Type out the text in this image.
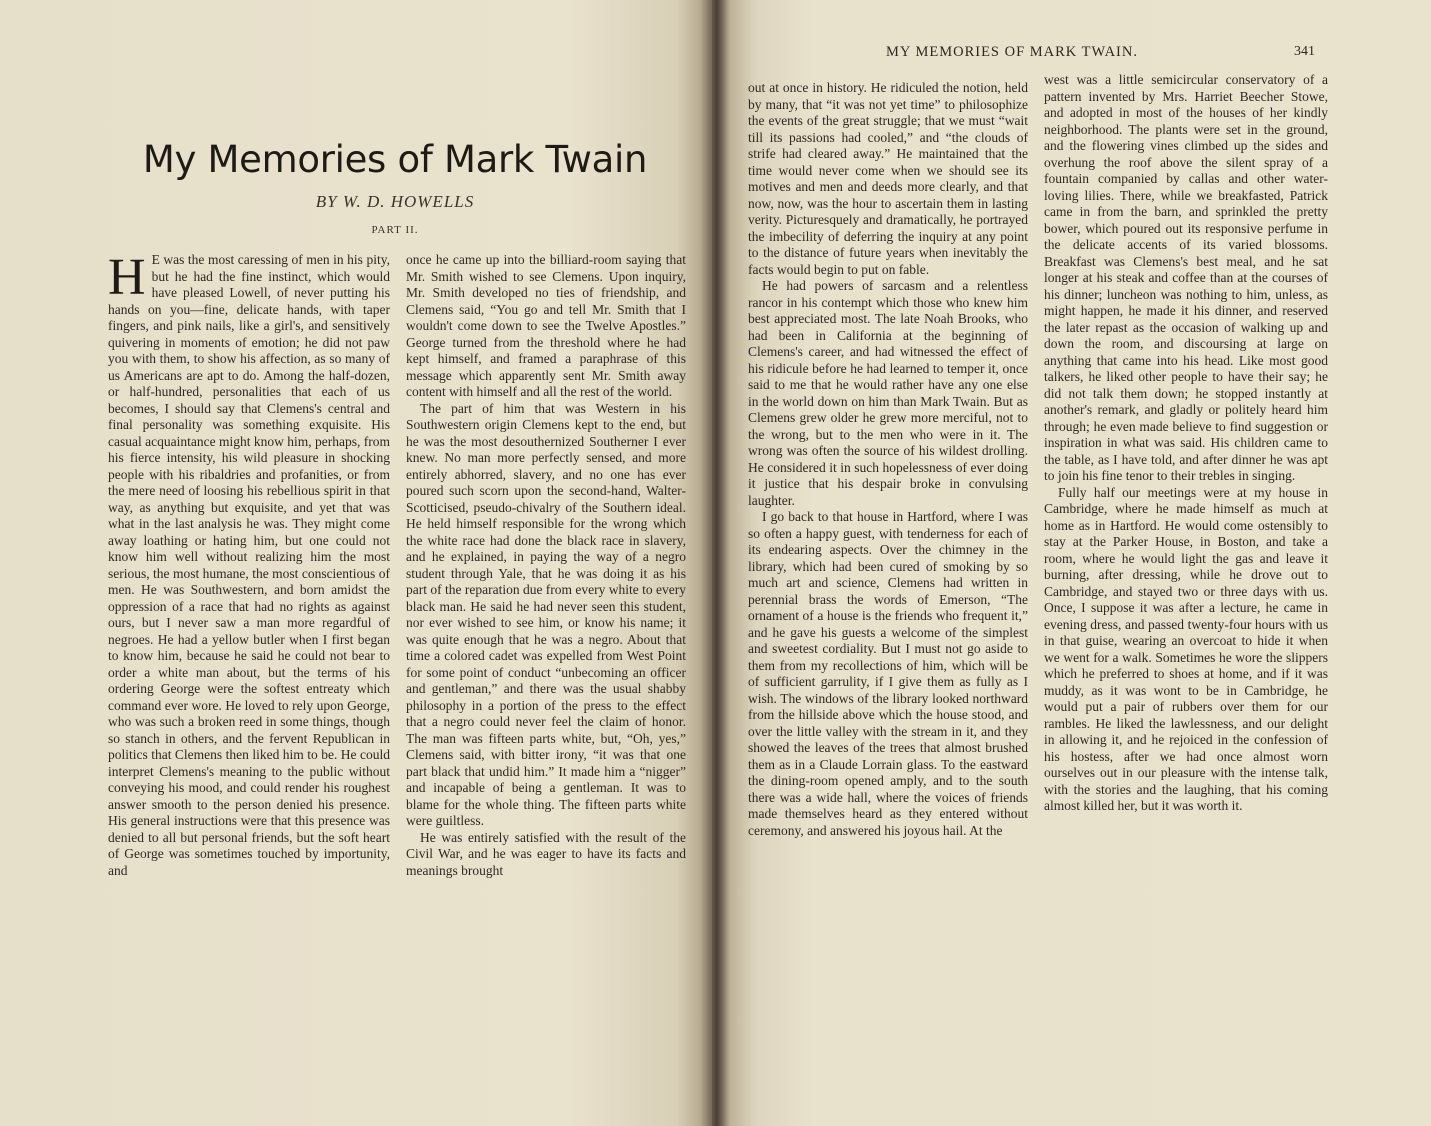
My Memories of Mark Twain
BY W. D. HOWELLS
PART II.

H E was the most caressing of men in his pity, but he had the fine instinct, which would have pleased Lowell, of never putting his hands on you—fine, delicate hands, with taper fingers, and pink nails, like a girl's, and sensitively quivering in moments of emotion; he did not paw you with them, to show his affection, as so many of us Americans are apt to do. Among the half-dozen, or half-hundred, personalities that each of us becomes, I should say that Clemens's central and final personality was something exquisite. His casual acquaintance might know him, perhaps, from his fierce intensity, his wild pleasure in shocking people with his ribaldries and profanities, or from the mere need of loosing his rebellious spirit in that way, as anything but exquisite, and yet that was what in the last analysis he was. They might come away loathing or hating him, but one could not know him well without realizing him the most serious, the most humane, the most conscientious of men. He was Southwestern, and born amidst the oppression of a race that had no rights as against ours, but I never saw a man more regardful of negroes. He had a yellow butler when I first began to know him, because he said he could not bear to order a white man about, but the terms of his ordering George were the softest entreaty which command ever wore. He loved to rely upon George, who was such a broken reed in some things, though so stanch in others, and the fervent Republican in politics that Clemens then liked him to be. He could interpret Clemens's meaning to the public without conveying his mood, and could render his roughest answer smooth to the person denied his presence. His general instructions were that this presence was denied to all but personal friends, but the soft heart of George was sometimes touched by importunity, and

once he came up into the billiard-room saying that Mr. Smith wished to see Clemens. Upon inquiry, Mr. Smith developed no ties of friendship, and Clemens said, “You go and tell Mr. Smith that I wouldn't come down to see the Twelve Apostles.” George turned from the threshold where he had kept himself, and framed a paraphrase of this message which apparently sent Mr. Smith away content with himself and all the rest of the world.

The part of him that was Western in his Southwestern origin Clemens kept to the end, but he was the most desouthernized Southerner I ever knew. No man more perfectly sensed, and more entirely abhorred, slavery, and no one has ever poured such scorn upon the second-hand, Walter-Scotticised, pseudo-chivalry of the Southern ideal. He held himself responsible for the wrong which the white race had done the black race in slavery, and he explained, in paying the way of a negro student through Yale, that he was doing it as his part of the reparation due from every white to every black man. He said he had never seen this student, nor ever wished to see him, or know his name; it was quite enough that he was a negro. About that time a colored cadet was expelled from West Point for some point of conduct “unbecoming an officer and gentleman,” and there was the usual shabby philosophy in a portion of the press to the effect that a negro could never feel the claim of honor. The man was fifteen parts white, but, “Oh, yes,” Clemens said, with bitter irony, “it was that one part black that undid him.” It made him a “nigger” and incapable of being a gentleman. It was to blame for the whole thing. The fifteen parts white were guiltless.

He was entirely satisfied with the result of the Civil War, and he was eager to have its facts and meanings brought

MY MEMORIES OF MARK TWAIN.	341

out at once in history. He ridiculed the notion, held by many, that “it was not yet time” to philosophize the events of the great struggle; that we must “wait till its passions had cooled,” and “the clouds of strife had cleared away.” He maintained that the time would never come when we should see its motives and men and deeds more clearly, and that now, now, was the hour to ascertain them in lasting verity. Picturesquely and dramatically, he portrayed the imbecility of deferring the inquiry at any point to the distance of future years when inevitably the facts would begin to put on fable.

He had powers of sarcasm and a relentless rancor in his contempt which those who knew him best appreciated most. The late Noah Brooks, who had been in California at the beginning of Clemens's career, and had witnessed the effect of his ridicule before he had learned to temper it, once said to me that he would rather have any one else in the world down on him than Mark Twain. But as Clemens grew older he grew more merciful, not to the wrong, but to the men who were in it. The wrong was often the source of his wildest drolling. He considered it in such hopelessness of ever doing it justice that his despair broke in convulsing laughter.

I go back to that house in Hartford, where I was so often a happy guest, with tenderness for each of its endearing aspects. Over the chimney in the library, which had been cured of smoking by so much art and science, Clemens had written in perennial brass the words of Emerson, “The ornament of a house is the friends who frequent it,” and he gave his guests a welcome of the simplest and sweetest cordiality. But I must not go aside to them from my recollections of him, which will be of sufficient garrulity, if I give them as fully as I wish. The windows of the library looked northward from the hillside above which the house stood, and over the little valley with the stream in it, and they showed the leaves of the trees that almost brushed them as in a Claude Lorrain glass. To the eastward the dining-room opened amply, and to the south there was a wide hall, where the voices of friends made themselves heard as they entered without ceremony, and answered his joyous hail. At the

west was a little semicircular conservatory of a pattern invented by Mrs. Harriet Beecher Stowe, and adopted in most of the houses of her kindly neighborhood. The plants were set in the ground, and the flowering vines climbed up the sides and overhung the roof above the silent spray of a fountain companied by callas and other water-loving lilies. There, while we breakfasted, Patrick came in from the barn, and sprinkled the pretty bower, which poured out its responsive perfume in the delicate accents of its varied blossoms. Breakfast was Clemens's best meal, and he sat longer at his steak and coffee than at the courses of his dinner; luncheon was nothing to him, unless, as might happen, he made it his dinner, and reserved the later repast as the occasion of walking up and down the room, and discoursing at large on anything that came into his head. Like most good talkers, he liked other people to have their say; he did not talk them down; he stopped instantly at another's remark, and gladly or politely heard him through; he even made believe to find suggestion or inspiration in what was said. His children came to the table, as I have told, and after dinner he was apt to join his fine tenor to their trebles in singing.

Fully half our meetings were at my house in Cambridge, where he made himself as much at home as in Hartford. He would come ostensibly to stay at the Parker House, in Boston, and take a room, where he would light the gas and leave it burning, after dressing, while he drove out to Cambridge, and stayed two or three days with us. Once, I suppose it was after a lecture, he came in evening dress, and passed twenty-four hours with us in that guise, wearing an overcoat to hide it when we went for a walk. Sometimes he wore the slippers which he preferred to shoes at home, and if it was muddy, as it was wont to be in Cambridge, he would put a pair of rubbers over them for our rambles. He liked the lawlessness, and our delight in allowing it, and he rejoiced in the confession of his hostess, after we had once almost worn ourselves out in our pleasure with the intense talk, with the stories and the laughing, that his coming almost killed her, but it was worth it.
